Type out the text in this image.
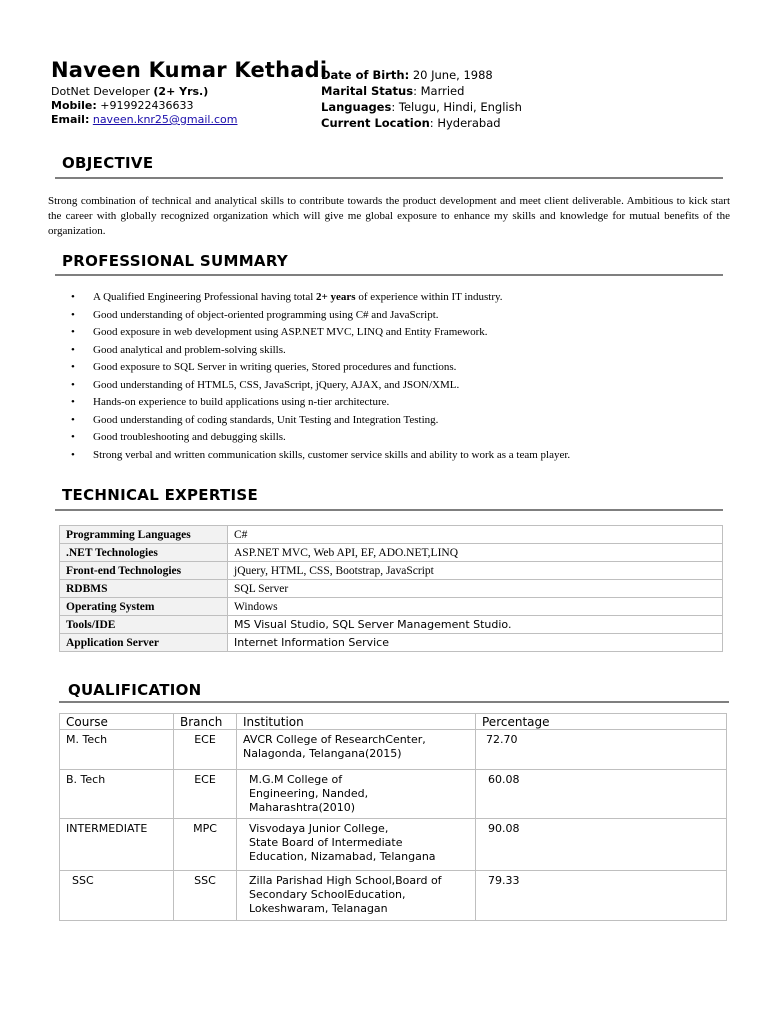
Naveen Kumar Kethadi
DotNet Developer (2+ Yrs.)
Mobile: +919922436633
Email: naveen.knr25@gmail.com
Date of Birth: 20 June, 1988
Marital Status: Married
Languages: Telugu, Hindi, English
Current Location: Hyderabad
OBJECTIVE
Strong combination of technical and analytical skills to contribute towards the product development and meet client deliverable. Ambitious to kick start the career with globally recognized organization which will give me global exposure to enhance my skills and knowledge for mutual benefits of the organization.
PROFESSIONAL SUMMARY
• A Qualified Engineering Professional having total 2+ years of experience within IT industry.
• Good understanding of object-oriented programming using C# and JavaScript.
• Good exposure in web development using ASP.NET MVC, LINQ and Entity Framework.
• Good analytical and problem-solving skills.
• Good exposure to SQL Server in writing queries, Stored procedures and functions.
• Good understanding of HTML5, CSS, JavaScript, jQuery, AJAX, and JSON/XML.
• Hands-on experience to build applications using n-tier architecture.
• Good understanding of coding standards, Unit Testing and Integration Testing.
• Good troubleshooting and debugging skills.
• Strong verbal and written communication skills, customer service skills and ability to work as a team player.
TECHNICAL EXPERTISE
Programming Languages	C#
.NET Technologies	ASP.NET MVC, Web API, EF, ADO.NET,LINQ
Front-end Technologies	jQuery, HTML, CSS, Bootstrap, JavaScript
RDBMS	SQL Server
Operating System	Windows
Tools/IDE	MS Visual Studio, SQL Server Management Studio.
Application Server	Internet Information Service
QUALIFICATION
Course	Branch	Institution	Percentage
M. Tech	ECE	AVCR College of ResearchCenter,
Nalagonda, Telangana(2015)	72.70
B. Tech	ECE	M.G.M College of
Engineering, Nanded,
Maharashtra(2010)	60.08
INTERMEDIATE	MPC	Visvodaya Junior College,
State Board of Intermediate
Education, Nizamabad, Telangana	90.08
SSC	SSC	Zilla Parishad High School,Board of
Secondary SchoolEducation,
Lokeshwaram, Telanagan	79.33
